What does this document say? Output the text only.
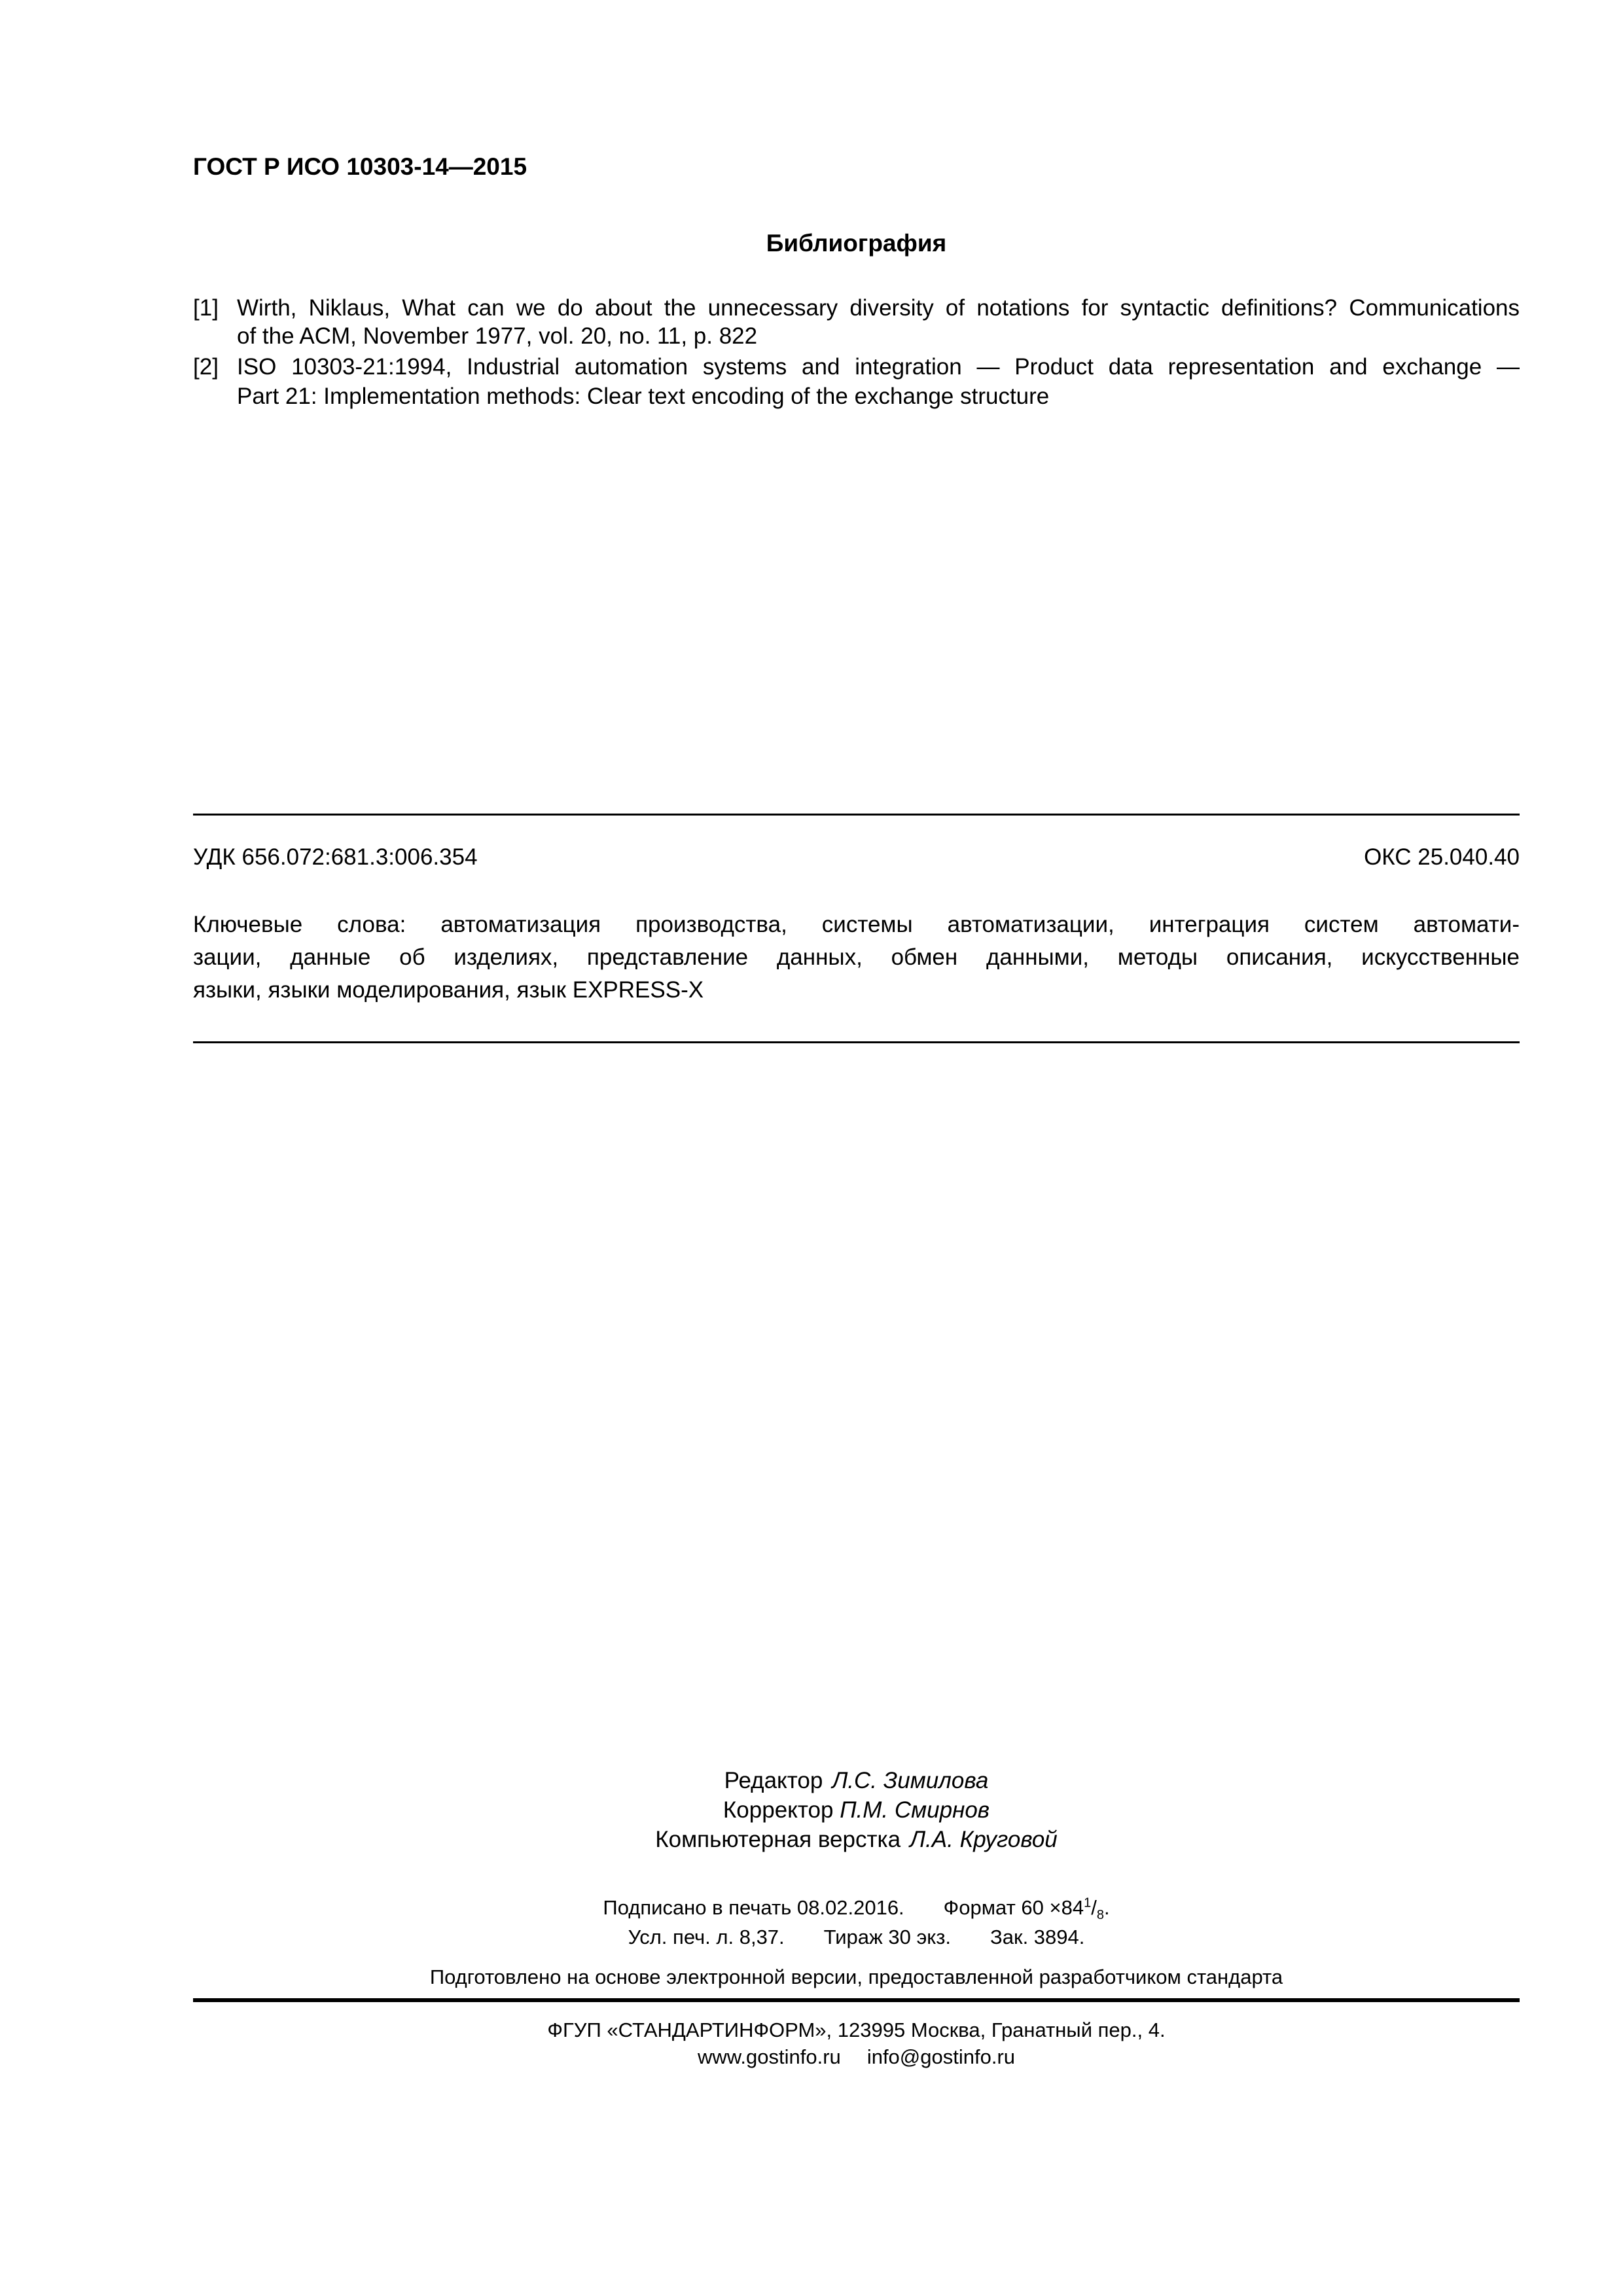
ГОСТ Р ИСО 10303-14—2015
Библиография
[1] Wirth, Niklaus, What can we do about the unnecessary diversity of notations for syntactic definitions? Communications
of the ACM, November 1977, vol. 20, no. 11, p. 822
[2] ISO 10303-21:1994, Industrial automation systems and integration — Product data representation and exchange —
Part 21: Implementation methods: Clear text encoding of the exchange structure
УДК 656.072:681.3:006.354	ОКС 25.040.40
Ключевые слова: автоматизация производства, системы автоматизации, интеграция систем автомати-
зации, данные об изделиях, представление данных, обмен данными, методы описания, искусственные
языки, языки моделирования, язык EXPRESS-X
Редактор Л.С. Зимилова
Корректор П.М. Смирнов
Компьютерная верстка Л.А. Круговой
Подписано в печать 08.02.2016. Формат $60 \times 84^1/_8$.
Усл. печ. л. 8,37. Тираж 30 экз. Зак. 3894.
Подготовлено на основе электронной версии, предоставленной разработчиком стандарта
ФГУП «СТАНДАРТИНФОРМ», 123995 Москва, Гранатный пер., 4.
www.gostinfo.ru info@gostinfo.ru
